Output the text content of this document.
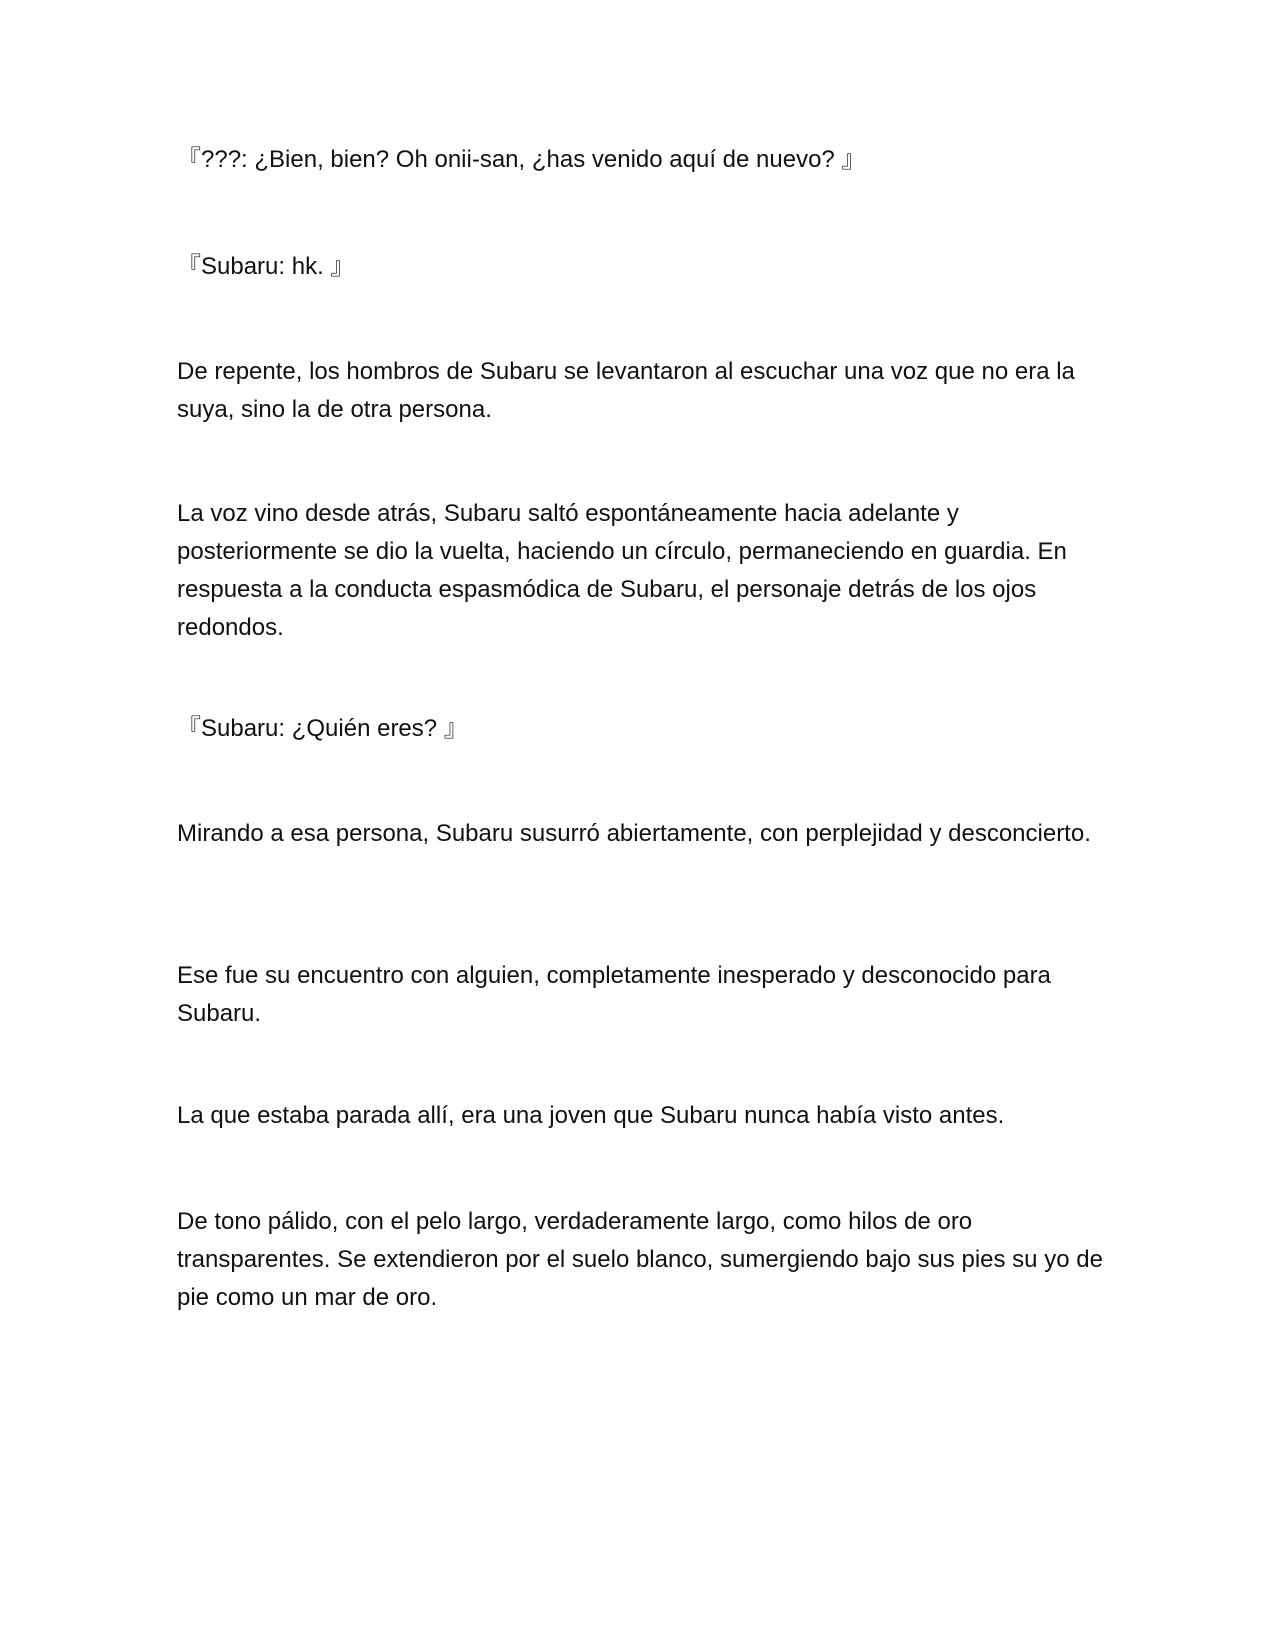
『???: ¿Bien, bien? Oh onii-san, ¿has venido aquí de nuevo? 』

『Subaru: hk. 』

De repente, los hombros de Subaru se levantaron al escuchar una voz que no era la suya, sino la de otra persona.

La voz vino desde atrás, Subaru saltó espontáneamente hacia adelante y posteriormente se dio la vuelta, haciendo un círculo, permaneciendo en guardia. En respuesta a la conducta espasmódica de Subaru, el personaje detrás de los ojos redondos.

『Subaru: ¿Quién eres? 』

Mirando a esa persona, Subaru susurró abiertamente, con perplejidad y desconcierto.

Ese fue su encuentro con alguien, completamente inesperado y desconocido para Subaru.

La que estaba parada allí, era una joven que Subaru nunca había visto antes.

De tono pálido, con el pelo largo, verdaderamente largo, como hilos de oro transparentes. Se extendieron por el suelo blanco, sumergiendo bajo sus pies su yo de pie como un mar de oro.
